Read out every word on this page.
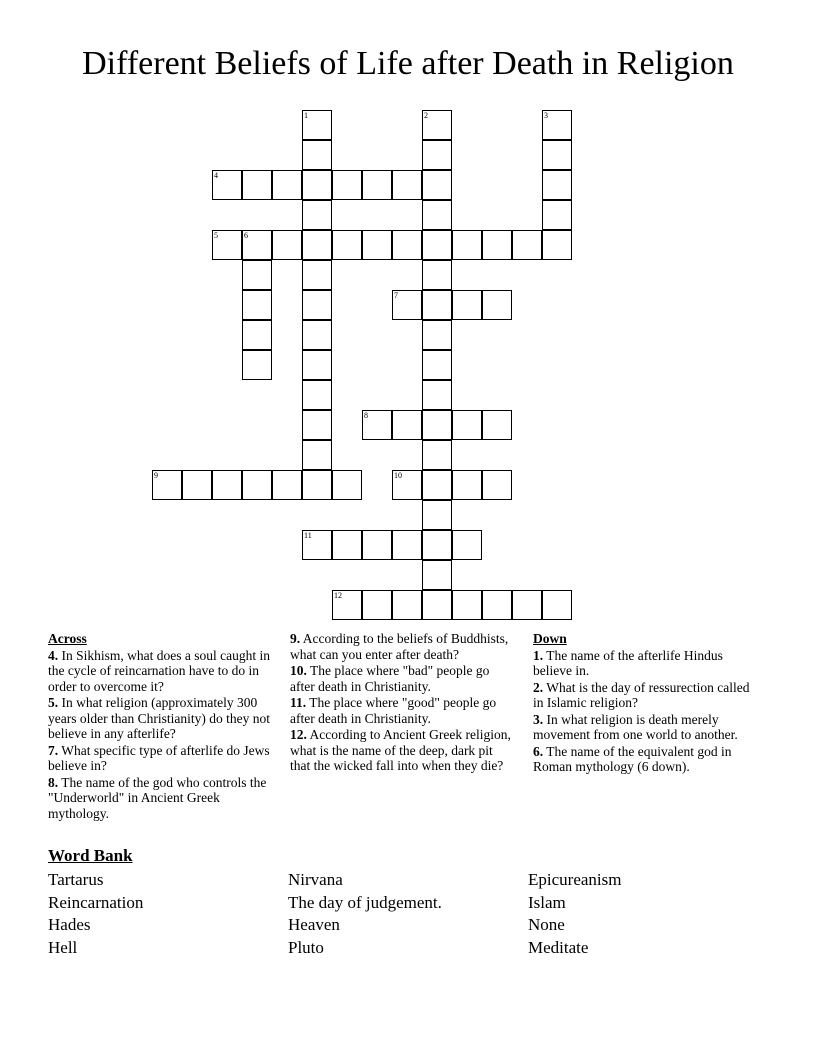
Different Beliefs of Life after Death in Religion
1	2	3
4
5	6
7
8
9	10
11
12
Across
4. In Sikhism, what does a soul caught in the cycle of reincarnation have to do in order to overcome it?
5. In what religion (approximately 300 years older than Christianity) do they not believe in any afterlife?
7. What specific type of afterlife do Jews believe in?
8. The name of the god who controls the "Underworld" in Ancient Greek mythology.
9. According to the beliefs of Buddhists, what can you enter after death?
10. The place where "bad" people go after death in Christianity.
11. The place where "good" people go after death in Christianity.
12. According to Ancient Greek religion, what is the name of the deep, dark pit that the wicked fall into when they die?
Down
1. The name of the afterlife Hindus believe in.
2. What is the day of ressurection called in Islamic religion?
3. In what religion is death merely movement from one world to another.
6. The name of the equivalent god in Roman mythology (6 down).
Word Bank
Tartarus
Reincarnation
Hades
Hell
Nirvana
The day of judgement.
Heaven
Pluto
Epicureanism
Islam
None
Meditate
